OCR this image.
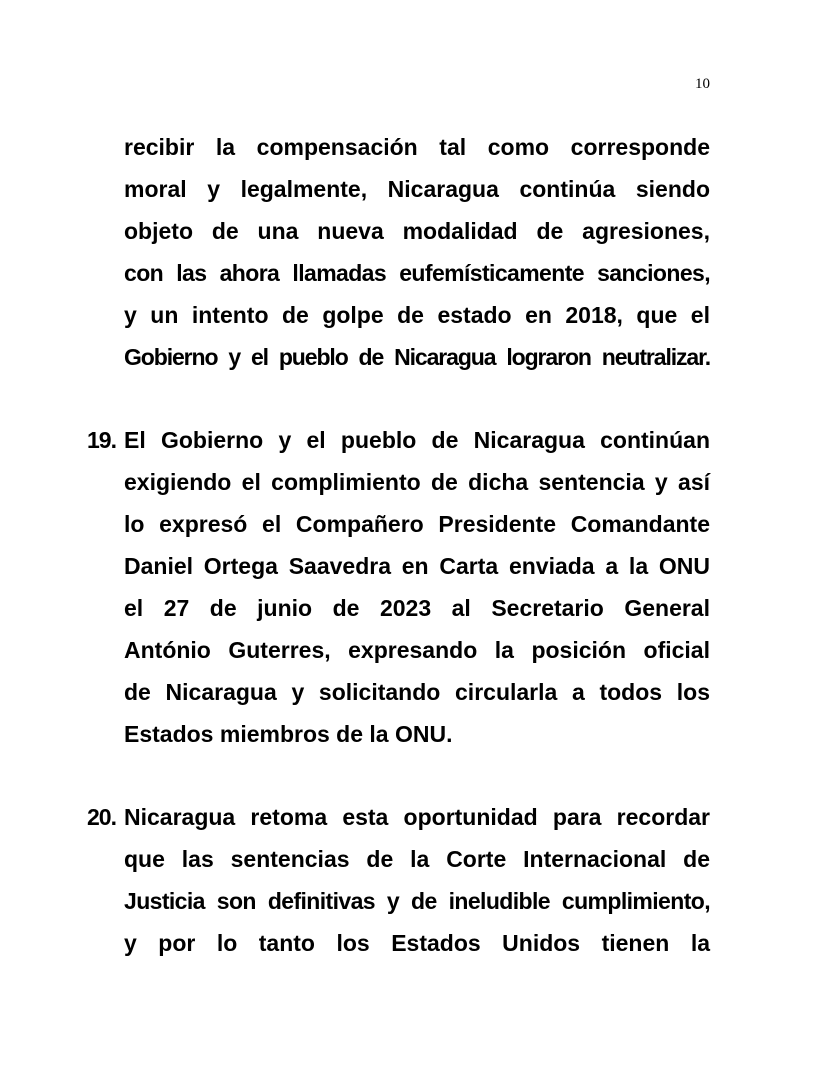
10
recibir la compensación tal como corresponde
moral y legalmente, Nicaragua continúa siendo
objeto de una nueva modalidad de agresiones,
con las ahora llamadas eufemísticamente sanciones,
y un intento de golpe de estado en 2018, que el
Gobierno y el pueblo de Nicaragua lograron neutralizar.
19. El Gobierno y el pueblo de Nicaragua continúan
exigiendo el complimiento de dicha sentencia y así
lo expresó el Compañero Presidente Comandante
Daniel Ortega Saavedra en Carta enviada a la ONU
el 27 de junio de 2023 al Secretario General
António Guterres, expresando la posición oficial
de Nicaragua y solicitando circularla a todos los
Estados miembros de la ONU.
20. Nicaragua retoma esta oportunidad para recordar
que las sentencias de la Corte Internacional de
Justicia son definitivas y de ineludible cumplimiento,
y por lo tanto los Estados Unidos tienen la
